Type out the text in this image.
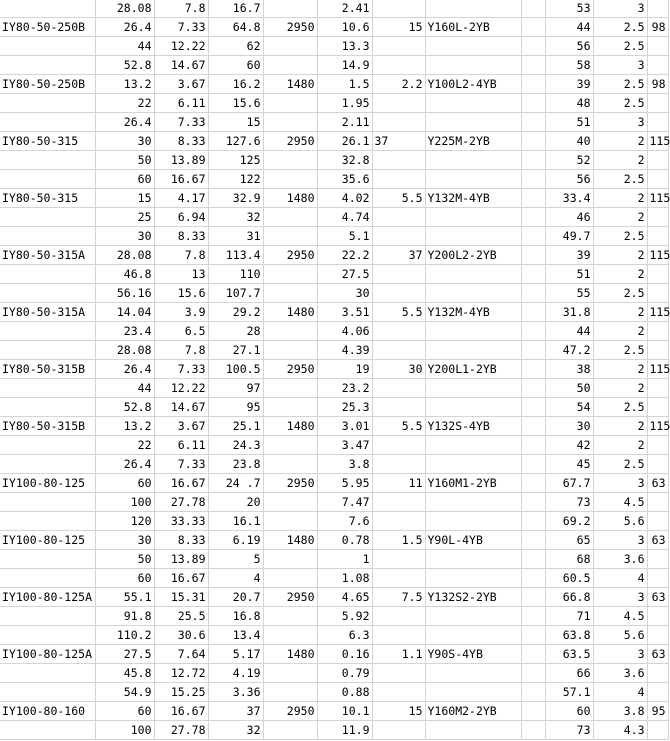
	28.08	7.8	16.7		2.41				53	3	
IY80-50-250B	26.4	7.33	64.8	2950	10.6	15	Y160L-2YB		44	2.5	98
	44	12.22	62		13.3				56	2.5	
	52.8	14.67	60		14.9				58	3	
IY80-50-250B	13.2	3.67	16.2	1480	1.5	2.2	Y100L2-4YB		39	2.5	98
	22	6.11	15.6		1.95				48	2.5	
	26.4	7.33	15		2.11				51	3	
IY80-50-315	30	8.33	127.6	2950	26.1	37	Y225M-2YB		40	2	115
	50	13.89	125		32.8				52	2	
	60	16.67	122		35.6				56	2.5	
IY80-50-315	15	4.17	32.9	1480	4.02	5.5	Y132M-4YB		33.4	2	115
	25	6.94	32		4.74				46	2	
	30	8.33	31		5.1				49.7	2.5	
IY80-50-315A	28.08	7.8	113.4	2950	22.2	37	Y200L2-2YB		39	2	115
	46.8	13	110		27.5				51	2	
	56.16	15.6	107.7		30				55	2.5	
IY80-50-315A	14.04	3.9	29.2	1480	3.51	5.5	Y132M-4YB		31.8	2	115
	23.4	6.5	28		4.06				44	2	
	28.08	7.8	27.1		4.39				47.2	2.5	
IY80-50-315B	26.4	7.33	100.5	2950	19	30	Y200L1-2YB		38	2	115
	44	12.22	97		23.2				50	2	
	52.8	14.67	95		25.3				54	2.5	
IY80-50-315B	13.2	3.67	25.1	1480	3.01	5.5	Y132S-4YB		30	2	115
	22	6.11	24.3		3.47				42	2	
	26.4	7.33	23.8		3.8				45	2.5	
IY100-80-125	60	16.67	24 .7	2950	5.95	11	Y160M1-2YB		67.7	3	63
	100	27.78	20		7.47				73	4.5	
	120	33.33	16.1		7.6				69.2	5.6	
IY100-80-125	30	8.33	6.19	1480	0.78	1.5	Y90L-4YB		65	3	63
	50	13.89	5		1				68	3.6	
	60	16.67	4		1.08				60.5	4	
IY100-80-125A	55.1	15.31	20.7	2950	4.65	7.5	Y132S2-2YB		66.8	3	63
	91.8	25.5	16.8		5.92				71	4.5	
	110.2	30.6	13.4		6.3				63.8	5.6	
IY100-80-125A	27.5	7.64	5.17	1480	0.16	1.1	Y90S-4YB		63.5	3	63
	45.8	12.72	4.19		0.79				66	3.6	
	54.9	15.25	3.36		0.88				57.1	4	
IY100-80-160	60	16.67	37	2950	10.1	15	Y160M2-2YB		60	3.8	95
	100	27.78	32		11.9				73	4.3	
